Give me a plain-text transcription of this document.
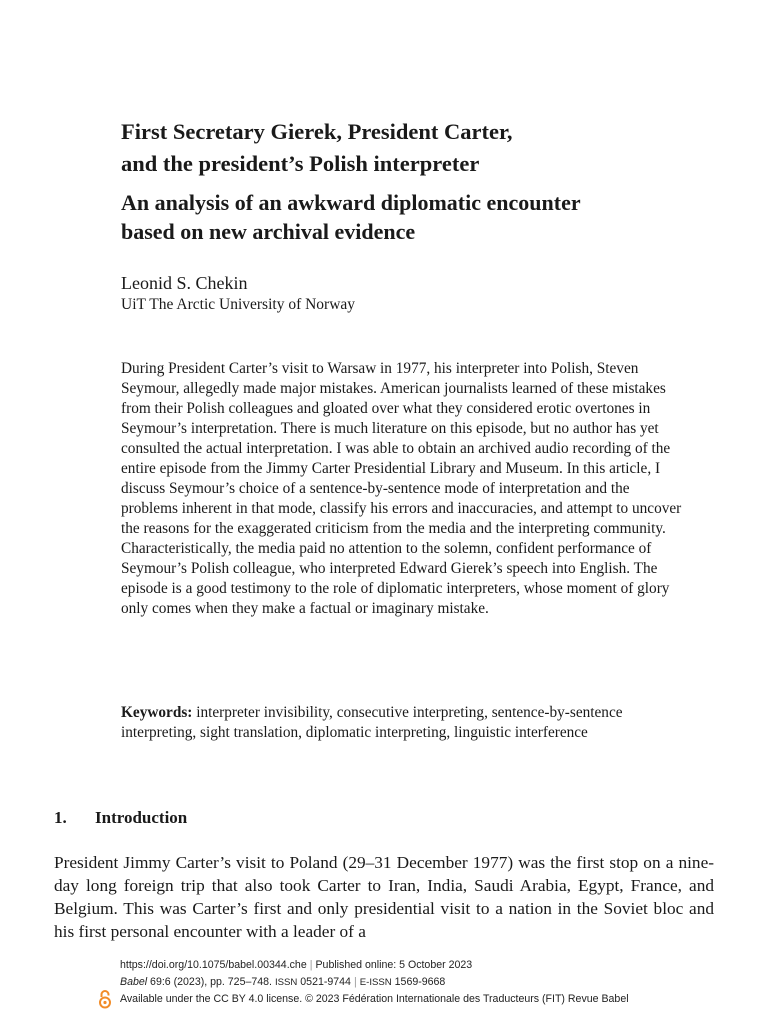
First Secretary Gierek, President Carter,
and the president’s Polish interpreter
An analysis of an awkward diplomatic encounter
based on new archival evidence
Leonid S. Chekin
UiT The Arctic University of Norway

During President Carter’s visit to Warsaw in 1977, his interpreter into Polish, Steven Seymour, allegedly made major mistakes. American journalists learned of these mistakes from their Polish colleagues and gloated over what they considered erotic overtones in Seymour’s interpretation. There is much literature on this episode, but no author has yet consulted the actual interpretation. I was able to obtain an archived audio recording of the entire episode from the Jimmy Carter Presidential Library and Museum. In this article, I discuss Seymour’s choice of a sentence-by-sentence mode of interpretation and the problems inherent in that mode, classify his errors and inaccuracies, and attempt to uncover the reasons for the exaggerated criticism from the media and the interpreting community. Characteristically, the media paid no attention to the solemn, confident performance of Seymour’s Polish colleague, who interpreted Edward Gierek’s speech into English. The episode is a good testimony to the role of diplomatic interpreters, whose moment of glory only comes when they make a factual or imaginary mistake.

Keywords: interpreter invisibility, consecutive interpreting, sentence-by-sentence interpreting, sight translation, diplomatic interpreting, linguistic interference

1. Introduction

President Jimmy Carter’s visit to Poland (29–31 December 1977) was the first stop on a nine-day long foreign trip that also took Carter to Iran, India, Saudi Arabia, Egypt, France, and Belgium. This was Carter’s first and only presidential visit to a nation in the Soviet bloc and his first personal encounter with a leader of a

https://doi.org/10.1075/babel.00344.che | Published online: 5 October 2023
Babel 69:6 (2023), pp. 725–748. ISSN 0521-9744 | E-ISSN 1569-9668
Available under the CC BY 4.0 license. © 2023 Fédération Internationale des Traducteurs (FIT) Revue Babel
